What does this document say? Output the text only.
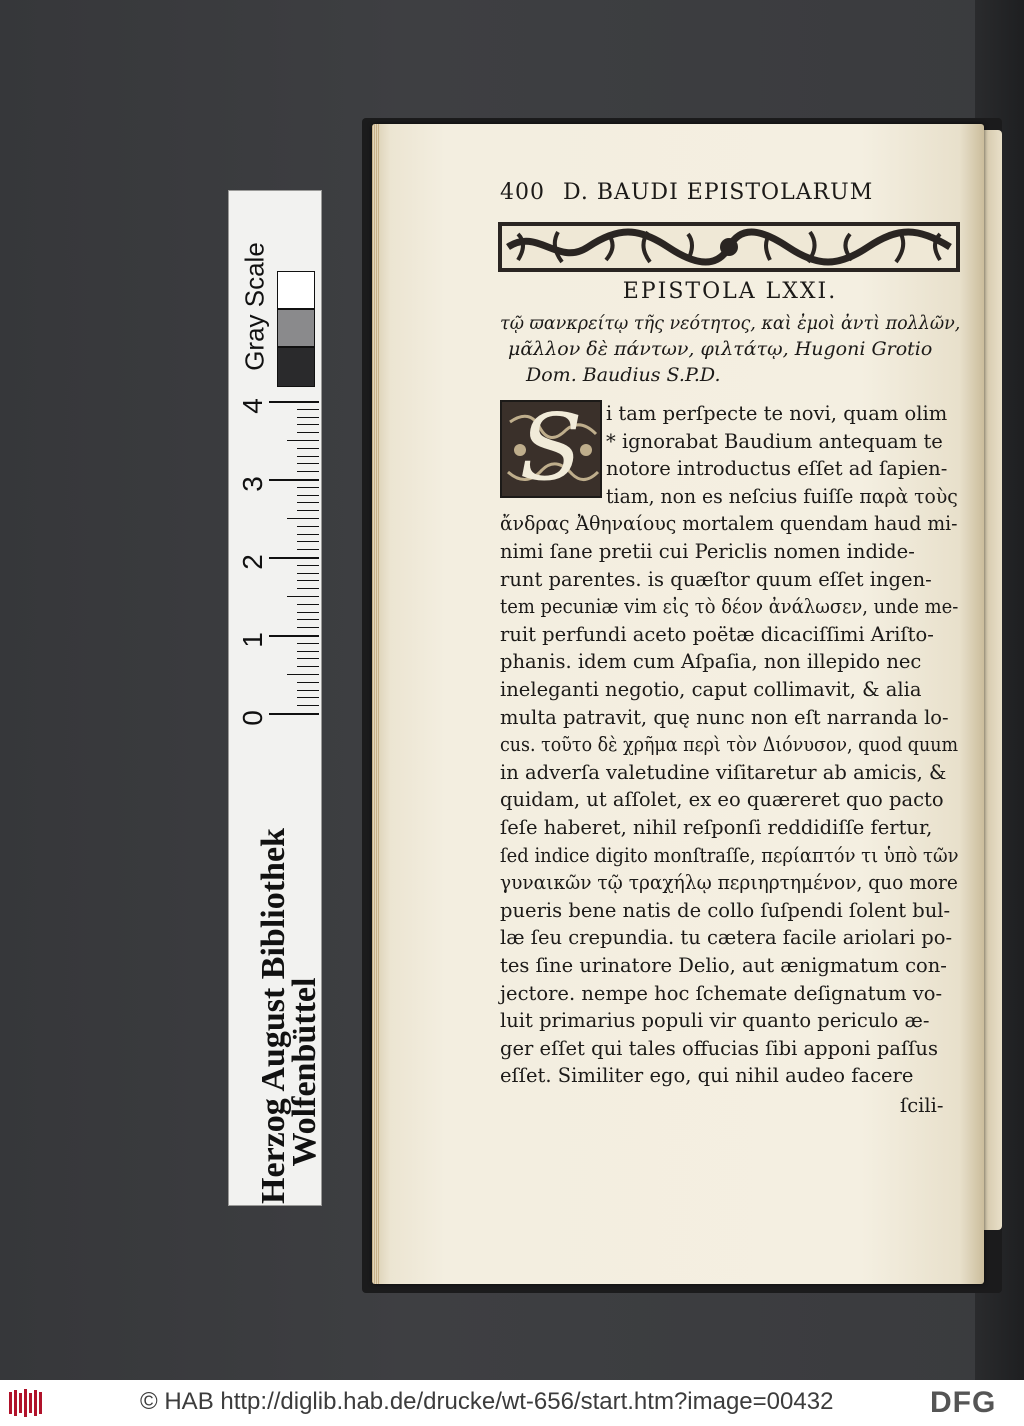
Gray Scale
4
3
2
1
0
Herzog August Bibliothek
Wolfenbüttel
400 D. BAUDI EPISTOLARUM
EPISTOLA LXXI.
τῷ ϖανκρείτῳ τῆς νεότητος, καὶ ἐμοὶ ἀντὶ πολλῶν,
μᾶλλον δὲ πάντων, φιλτάτῳ, Hugoni Grotio
Dom. Baudius S.P.D.
S	i tam perſpecte te novi, quam olim
* ignorabat Baudium antequam te
notore introductus eſſet ad ſapien-
tiam, non es neſcius fuiſſe παρὰ τοὺς
ἄνδρας Ἀθηναίους mortalem quendam haud mi-
nimi ſane pretii cui Periclis nomen indide-
runt parentes. is quæſtor quum eſſet ingen-
tem pecuniæ vim εἰς τὸ δέον ἀνάλωσεν, unde me-
ruit perfundi aceto poëtæ dicaciſſimi Ariſto-
phanis. idem cum Aſpaſia, non illepido nec
ineleganti negotio, caput collimavit, & alia
multa patravit, quę nunc non eſt narranda lo-
cus. τοῦτο δὲ χρῆμα περὶ τὸν Διόνυσον, quod quum
in adverſa valetudine viſitaretur ab amicis, &
quidam, ut aſſolet, ex eo quæreret quo pacto
ſeſe haberet, nihil reſponſi reddidiſſe fertur,
ſed indice digito monſtraſſe, περίαπτόν τι ὑπὸ τῶν
γυναικῶν τῷ τραχήλῳ περιηρτημένον, quo more
pueris bene natis de collo ſuſpendi ſolent bul-
læ ſeu crepundia. tu cætera facile ariolari po-
tes ſine urinatore Delio, aut ænigmatum con-
jectore. nempe hoc ſchemate deſignatum vo-
luit primarius populi vir quanto periculo æ-
ger eſſet qui tales offucias ſibi apponi paſſus
eſſet. Similiter ego, qui nihil audeo facere
ſcili-
© HAB http://diglib.hab.de/drucke/wt-656/start.htm?image=00432	DFG
